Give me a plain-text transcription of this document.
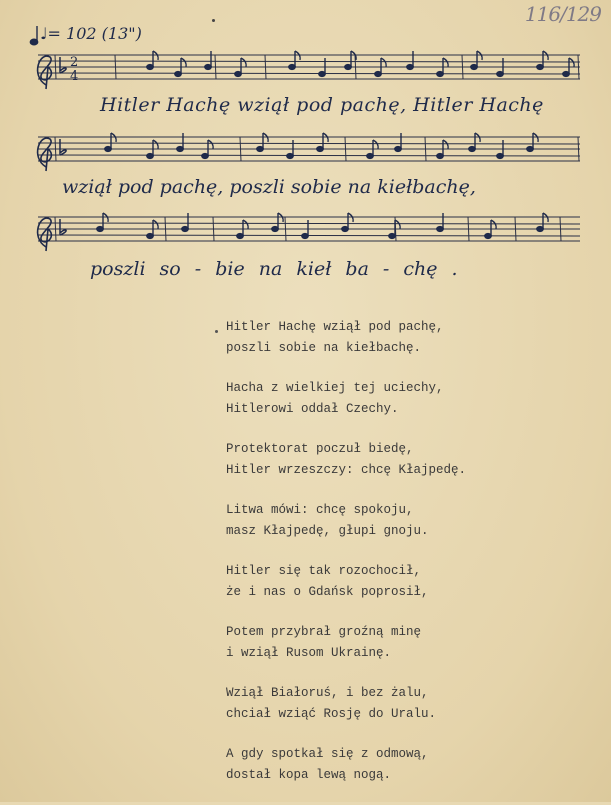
116/129
♩= 102 (13")
2
4
Hitler Hachę wziął pod pachę, Hitler Hachę
wziął pod pachę, poszli sobie na kiełbachę,
poszli so - bie na kieł ba - chę .
Hitler Hachę wziął pod pachę,
poszli sobie na kiełbachę.
Hacha z wielkiej tej uciechy,
Hitlerowi oddał Czechy.
Protektorat poczuł biedę,
Hitler wrzeszczy: chcę Kłajpedę.
Litwa mówi: chcę spokoju,
masz Kłajpedę, głupi gnoju.
Hitler się tak rozochocił,
że i nas o Gdańsk poprosił,
Potem przybrał groźną minę
i wziął Rusom Ukrainę.
Wziął Białoruś, i bez żalu,
chciał wziąć Rosję do Uralu.
A gdy spotkał się z odmową,
dostał kopa lewą nogą.
